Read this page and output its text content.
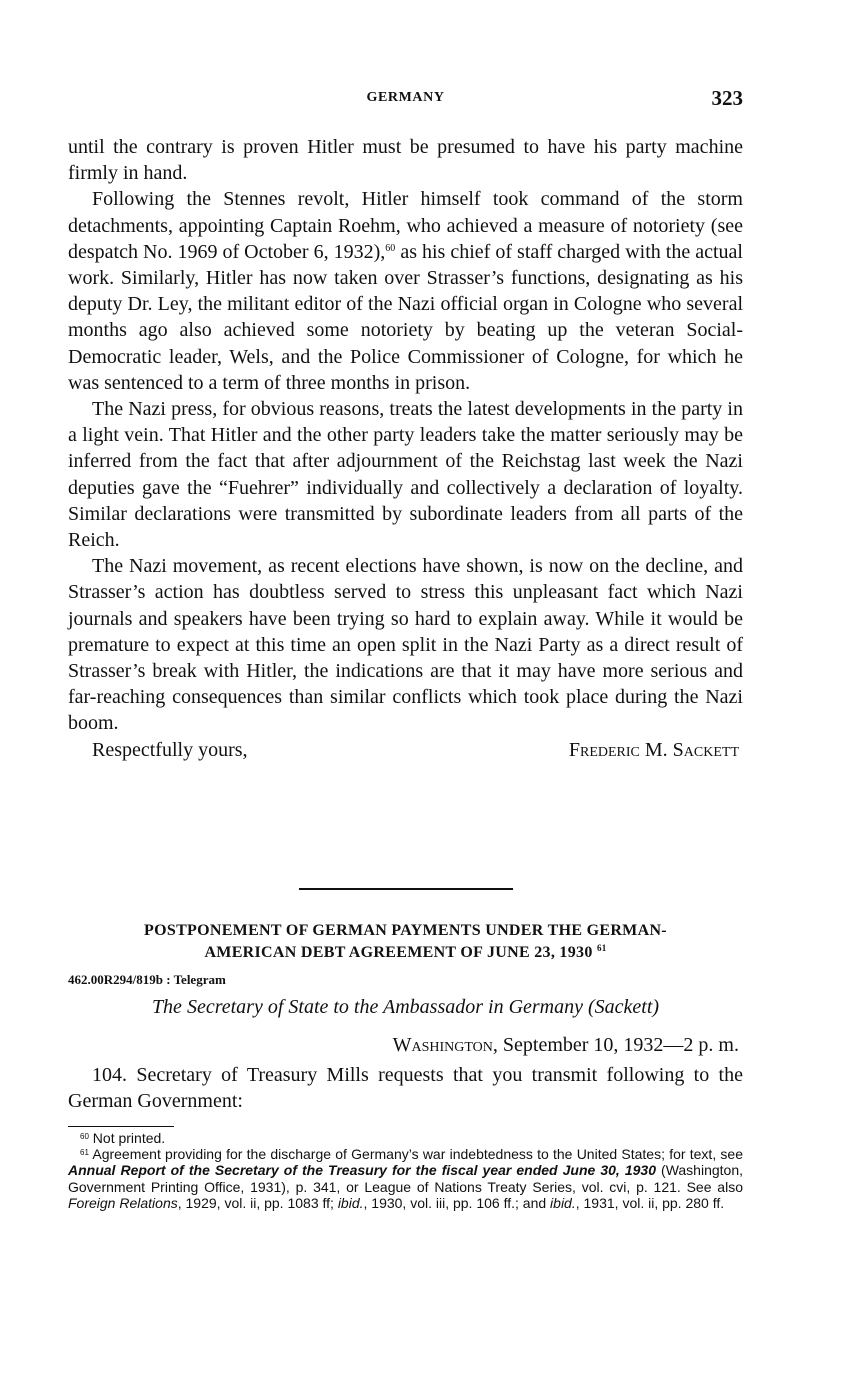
GERMANY	323

until the contrary is proven Hitler must be presumed to have his party machine firmly in hand.

Following the Stennes revolt, Hitler himself took command of the storm detachments, appointing Captain Roehm, who achieved a measure of notoriety (see despatch No. 1969 of October 6, 1932),$^{60}$ as his chief of staff charged with the actual work. Similarly, Hitler has now taken over Strasser’s functions, designating as his deputy Dr. Ley, the militant editor of the Nazi official organ in Cologne who several months ago also achieved some notoriety by beating up the veteran Social-Democratic leader, Wels, and the Police Commissioner of Cologne, for which he was sentenced to a term of three months in prison.

The Nazi press, for obvious reasons, treats the latest developments in the party in a light vein. That Hitler and the other party leaders take the matter seriously may be inferred from the fact that after adjournment of the Reichstag last week the Nazi deputies gave the “Fuehrer” individually and collectively a declaration of loyalty. Similar declarations were transmitted by subordinate leaders from all parts of the Reich.

The Nazi movement, as recent elections have shown, is now on the decline, and Strasser’s action has doubtless served to stress this unpleasant fact which Nazi journals and speakers have been trying so hard to explain away. While it would be premature to expect at this time an open split in the Nazi Party as a direct result of Strasser’s break with Hitler, the indications are that it may have more serious and far-reaching consequences than similar conflicts which took place during the Nazi boom.

Respectfully yours,	Frederic M. Sackett
POSTPONEMENT OF GERMAN PAYMENTS UNDER THE GERMAN-
AMERICAN DEBT AGREEMENT OF JUNE 23, 1930 $^{61}$
462.00R294/819b : Telegram
The Secretary of State to the Ambassador in Germany (Sackett)
Washington, September 10, 1932—2 p. m.

104. Secretary of Treasury Mills requests that you transmit following to the German Government:

$^{60}$ Not printed.

$^{61}$ Agreement providing for the discharge of Germany’s war indebtedness to the United States; for text, see Annual Report of the Secretary of the Treasury for the fiscal year ended June 30, 1930 (Washington, Government Printing Office, 1931), p. 341, or League of Nations Treaty Series, vol. cvi, p. 121. See also Foreign Relations, 1929, vol. ii, pp. 1083 ff; ibid., 1930, vol. iii, pp. 106 ff.; and ibid., 1931, vol. ii, pp. 280 ff.
